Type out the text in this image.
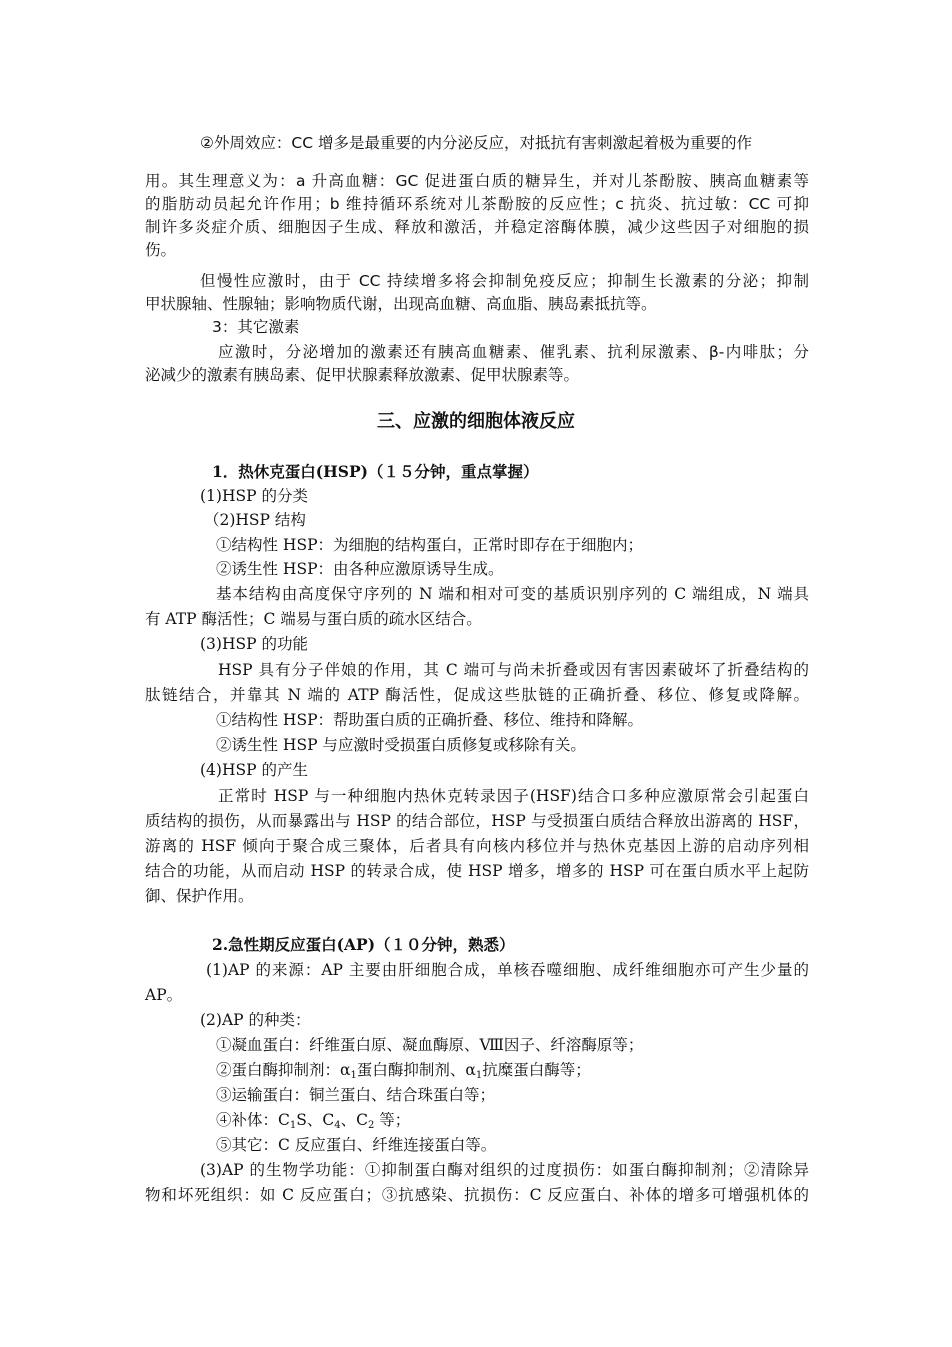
②外周效应：CC 增多是最重要的内分泌反应，对抵抗有害刺激起着极为重要的作

用。其生理意义为：a 升高血糖：GC 促进蛋白质的糖异生，并对儿茶酚胺、胰高血糖素等

的脂肪动员起允许作用；b 维持循环系统对儿茶酚胺的反应性；c 抗炎、抗过敏：CC 可抑

制许多炎症介质、细胞因子生成、释放和激活，并稳定溶酶体膜，减少这些因子对细胞的损

伤。

但慢性应激时，由于 CC 持续增多将会抑制免疫反应；抑制生长激素的分泌；抑制

甲状腺轴、性腺轴；影响物质代谢，出现高血糖、高血脂、胰岛素抵抗等。

3：其它激素

应激时，分泌增加的激素还有胰高血糖素、催乳素、抗利尿激素、β-内啡肽；分

泌减少的激素有胰岛素、促甲状腺素释放激素、促甲状腺素等。

三、应激的细胞体液反应

1．热休克蛋白(HSP)（１５分钟，重点掌握）

(1)HSP 的分类

（2)HSP 结构

①结构性 HSP：为细胞的结构蛋白，正常时即存在于细胞内；

②诱生性 HSP：由各种应激原诱导生成。

基本结构由高度保守序列的 N 端和相对可变的基质识别序列的 C 端组成，N 端具

有 ATP 酶活性；C 端易与蛋白质的疏水区结合。

(3)HSP 的功能

HSP 具有分子伴娘的作用，其 C 端可与尚未折叠或因有害因素破坏了折叠结构的

肽链结合，并靠其 N 端的 ATP 酶活性，促成这些肽链的正确折叠、移位、修复或降解。

①结构性 HSP：帮助蛋白质的正确折叠、移位、维持和降解。

②诱生性 HSP 与应激时受损蛋白质修复或移除有关。

(4)HSP 的产生

正常时 HSP 与一种细胞内热休克转录因子(HSF)结合口多种应激原常会引起蛋白

质结构的损伤，从而暴露出与 HSP 的结合部位，HSP 与受损蛋白质结合释放出游离的 HSF，

游离的 HSF 倾向于聚合成三聚体，后者具有向核内移位并与热休克基因上游的启动序列相

结合的功能，从而启动 HSP 的转录合成，使 HSP 增多，增多的 HSP 可在蛋白质水平上起防

御、保护作用。

2.急性期反应蛋白(AP)（１０分钟，熟悉）

(1)AP 的来源：AP 主要由肝细胞合成，单核吞噬细胞、成纤维细胞亦可产生少量的

AP。

(2)AP 的种类：

①凝血蛋白：纤维蛋白原、凝血酶原、Ⅷ因子、纤溶酶原等；

②蛋白酶抑制剂：$\alpha_1$蛋白酶抑制剂、$\alpha_1$抗糜蛋白酶等；

③运输蛋白：铜兰蛋白、结合珠蛋白等；

④补体：$C_1S$、$C_4$、$C_2$ 等；

⑤其它：C 反应蛋白、纤维连接蛋白等。

(3)AP 的生物学功能：①抑制蛋白酶对组织的过度损伤：如蛋白酶抑制剂；②清除异

物和坏死组织：如 C 反应蛋白；③抗感染、抗损伤：C 反应蛋白、补体的增多可增强机体的
